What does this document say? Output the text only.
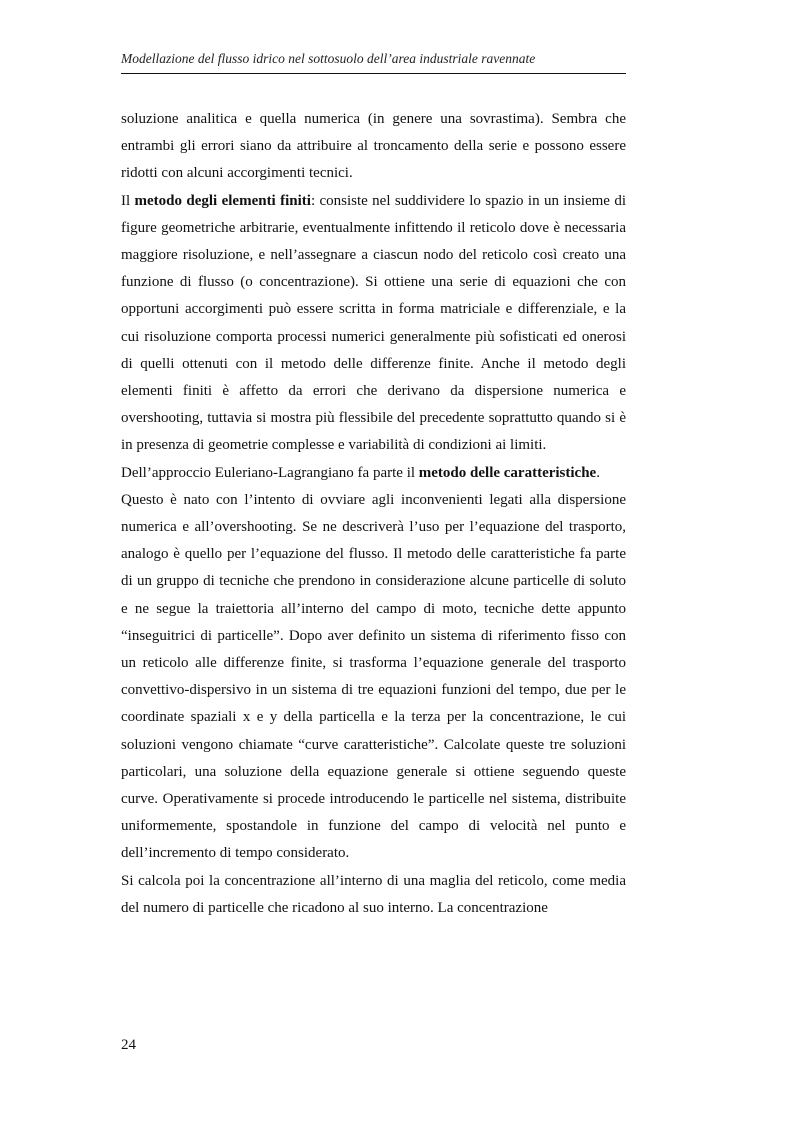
Modellazione del flusso idrico nel sottosuolo dell’area industriale ravennate

soluzione analitica e quella numerica (in genere una sovrastima). Sembra che entrambi gli errori siano da attribuire al troncamento della serie e possono essere ridotti con alcuni accorgimenti tecnici.

Il metodo degli elementi finiti: consiste nel suddividere lo spazio in un insieme di figure geometriche arbitrarie, eventualmente infittendo il reticolo dove è necessaria maggiore risoluzione, e nell’assegnare a ciascun nodo del reticolo così creato una funzione di flusso (o concentrazione). Si ottiene una serie di equazioni che con opportuni accorgimenti può essere scritta in forma matriciale e differenziale, e la cui risoluzione comporta processi numerici generalmente più sofisticati ed onerosi di quelli ottenuti con il metodo delle differenze finite. Anche il metodo degli elementi finiti è affetto da errori che derivano da dispersione numerica e overshooting, tuttavia si mostra più flessibile del precedente soprattutto quando si è in presenza di geometrie complesse e variabilità di condizioni ai limiti.

Dell’approccio Euleriano-Lagrangiano fa parte il metodo delle caratteristiche.

Questo è nato con l’intento di ovviare agli inconvenienti legati alla dispersione numerica e all’overshooting. Se ne descriverà l’uso per l’equazione del trasporto, analogo è quello per l’equazione del flusso. Il metodo delle caratteristiche fa parte di un gruppo di tecniche che prendono in considerazione alcune particelle di soluto e ne segue la traiettoria all’interno del campo di moto, tecniche dette appunto “inseguitrici di particelle”. Dopo aver definito un sistema di riferimento fisso con un reticolo alle differenze finite, si trasforma l’equazione generale del trasporto convettivo-dispersivo in un sistema di tre equazioni funzioni del tempo, due per le coordinate spaziali x e y della particella e la terza per la concentrazione, le cui soluzioni vengono chiamate “curve caratteristiche”. Calcolate queste tre soluzioni particolari, una soluzione della equazione generale si ottiene seguendo queste curve. Operativamente si procede introducendo le particelle nel sistema, distribuite uniformemente, spostandole in funzione del campo di velocità nel punto e dell’incremento di tempo considerato.

Si calcola poi la concentrazione all’interno di una maglia del reticolo, come media del numero di particelle che ricadono al suo interno. La concentrazione

24
